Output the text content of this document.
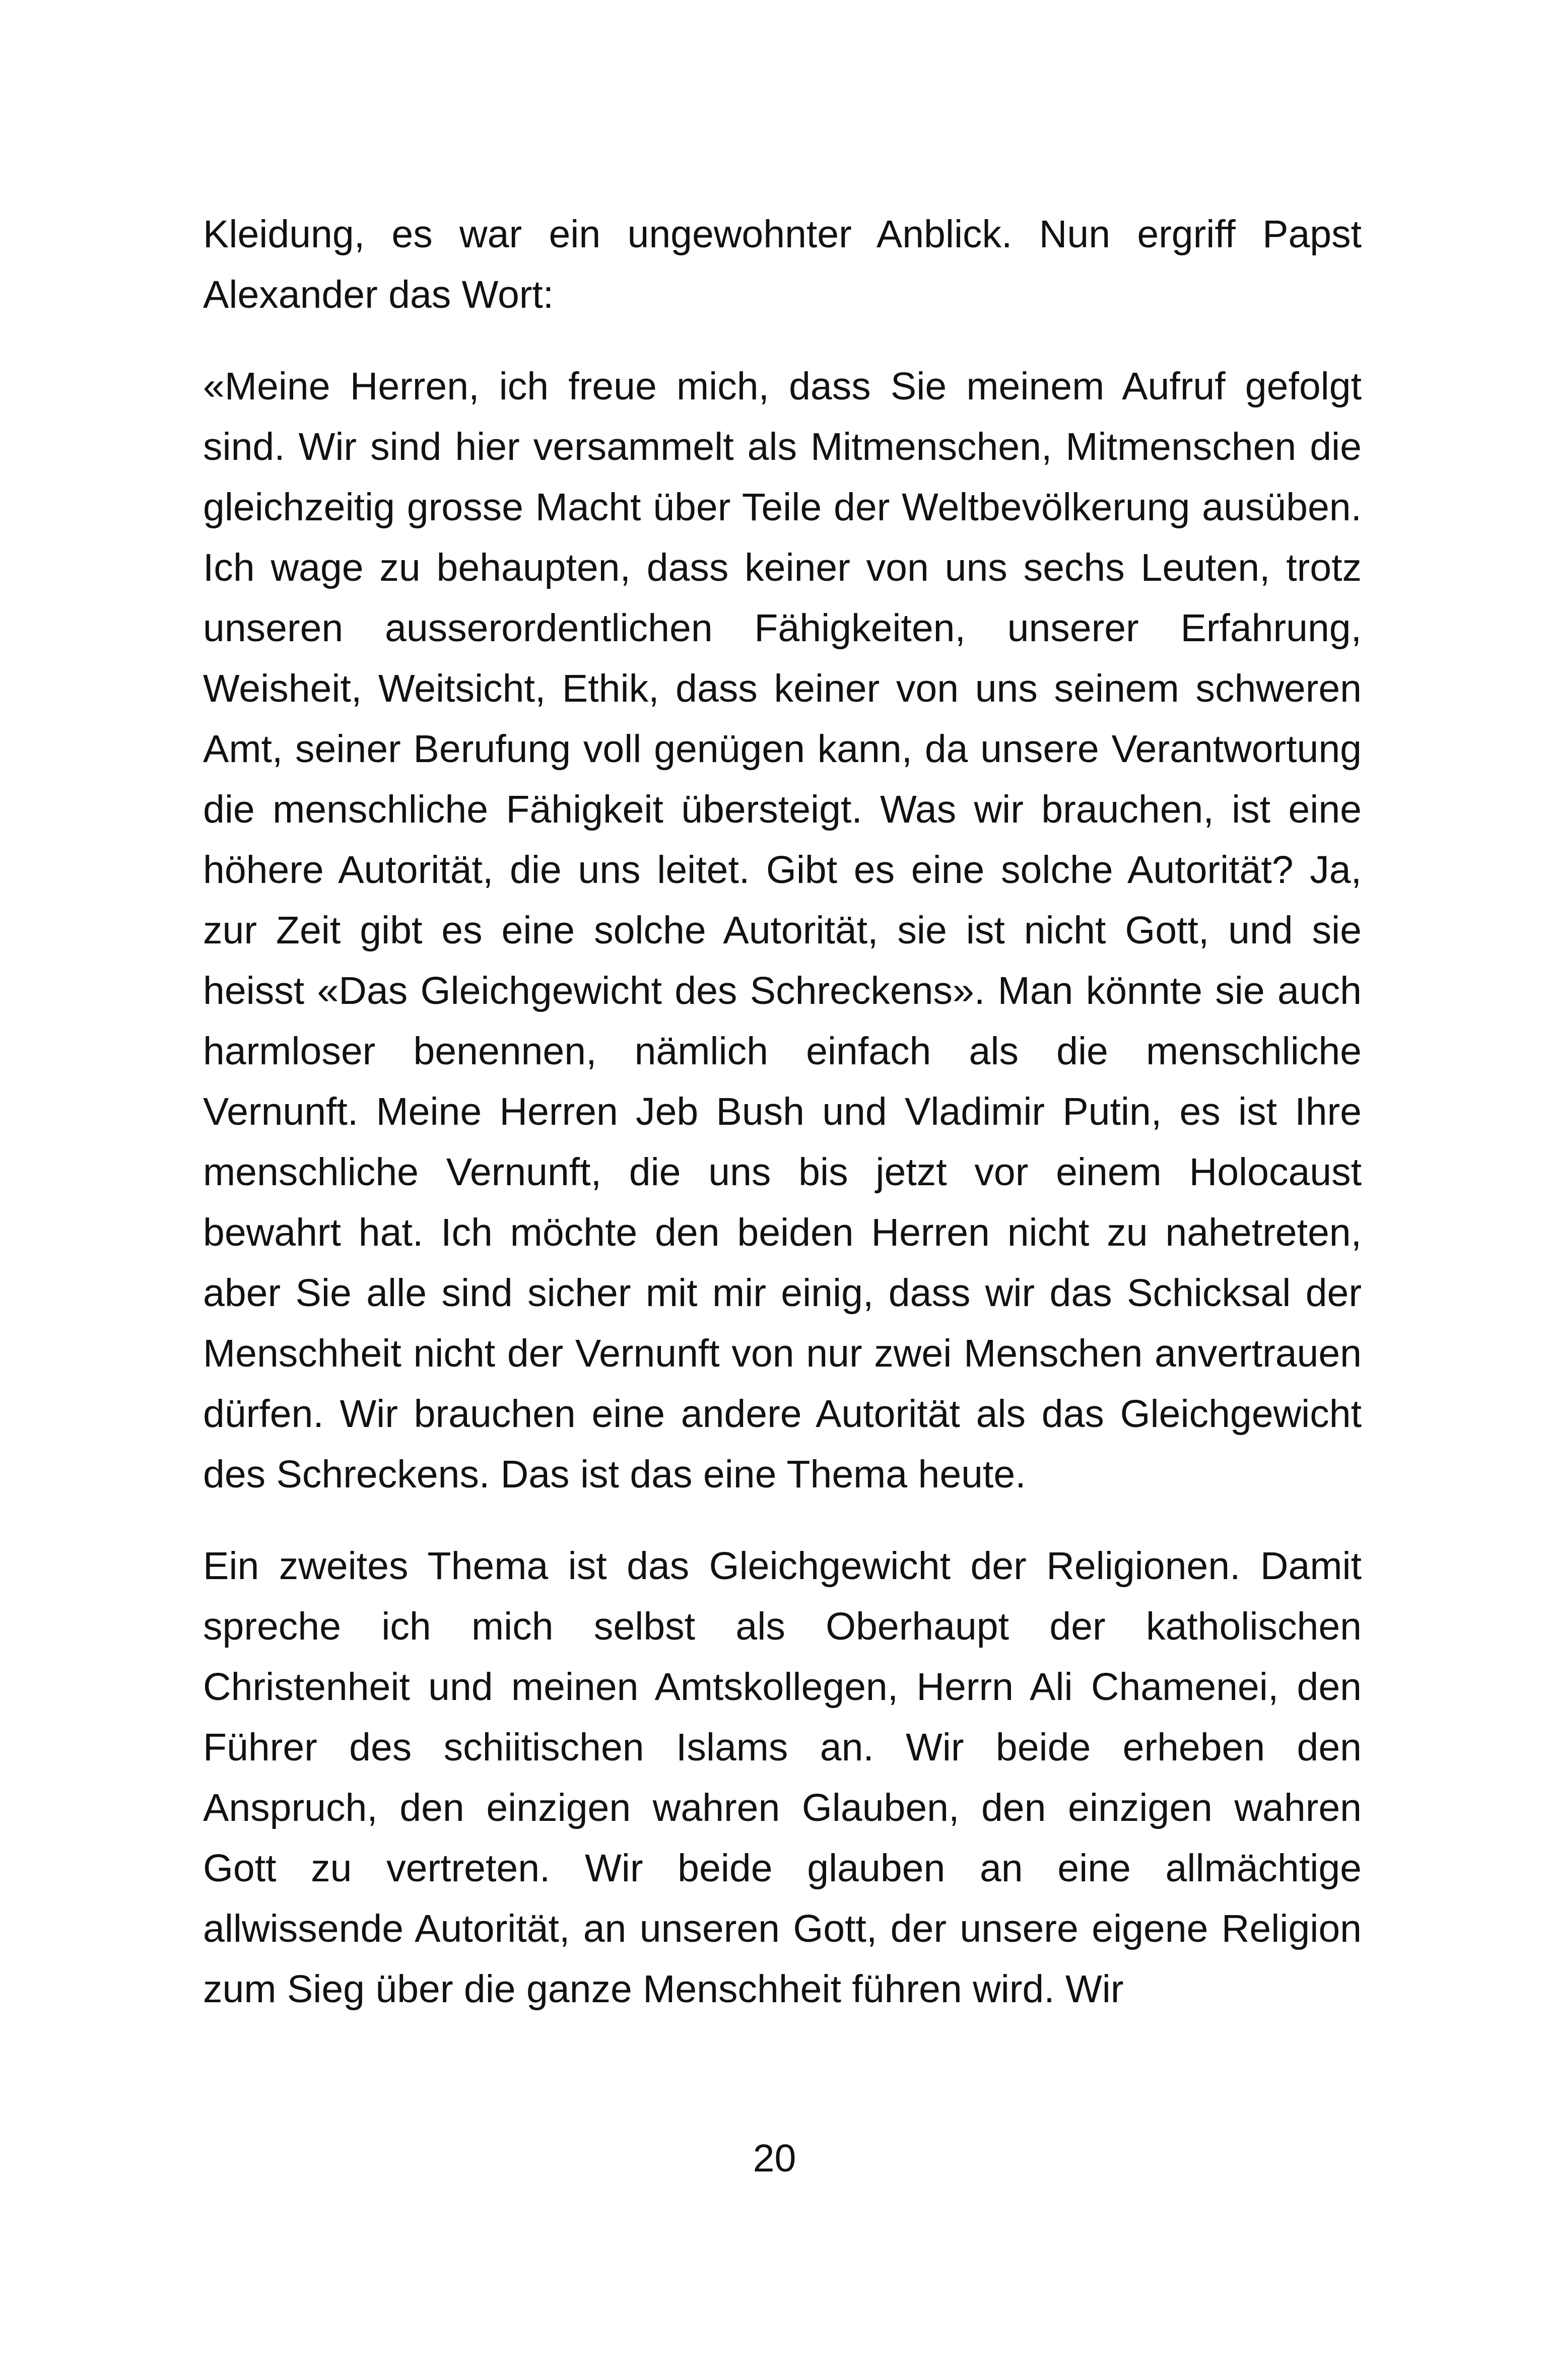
Kleidung, es war ein ungewohnter Anblick. Nun ergriff Papst Alexander das Wort:

«Meine Herren, ich freue mich, dass Sie meinem Aufruf gefolgt sind. Wir sind hier versammelt als Mitmenschen, Mitmenschen die gleichzeitig grosse Macht über Teile der Weltbevölkerung ausüben. Ich wage zu behaupten, dass keiner von uns sechs Leuten, trotz unseren ausserordentlichen Fähigkeiten, unserer Erfahrung, Weisheit, Weitsicht, Ethik, dass keiner von uns seinem schweren Amt, seiner Berufung voll genügen kann, da unsere Verantwortung die menschliche Fähigkeit übersteigt. Was wir brauchen, ist eine höhere Autorität, die uns leitet. Gibt es eine solche Autorität? Ja, zur Zeit gibt es eine solche Autorität, sie ist nicht Gott, und sie heisst «Das Gleichgewicht des Schreckens». Man könnte sie auch harmloser benennen, nämlich einfach als die menschliche Vernunft. Meine Herren Jeb Bush und Vladimir Putin, es ist Ihre menschliche Vernunft, die uns bis jetzt vor einem Holocaust bewahrt hat. Ich möchte den beiden Herren nicht zu nahetreten, aber Sie alle sind sicher mit mir einig, dass wir das Schicksal der Menschheit nicht der Vernunft von nur zwei Menschen anvertrauen dürfen. Wir brauchen eine andere Autorität als das Gleichgewicht des Schreckens. Das ist das eine Thema heute.

Ein zweites Thema ist das Gleichgewicht der Religionen. Damit spreche ich mich selbst als Oberhaupt der katholischen Christenheit und meinen Amtskollegen, Herrn Ali Chamenei, den Führer des schiitischen Islams an. Wir beide erheben den Anspruch, den einzigen wahren Glauben, den einzigen wahren Gott zu vertreten. Wir beide glauben an eine allmächtige allwissende Autorität, an unseren Gott, der unsere eigene Religion zum Sieg über die ganze Menschheit führen wird. Wir

20
